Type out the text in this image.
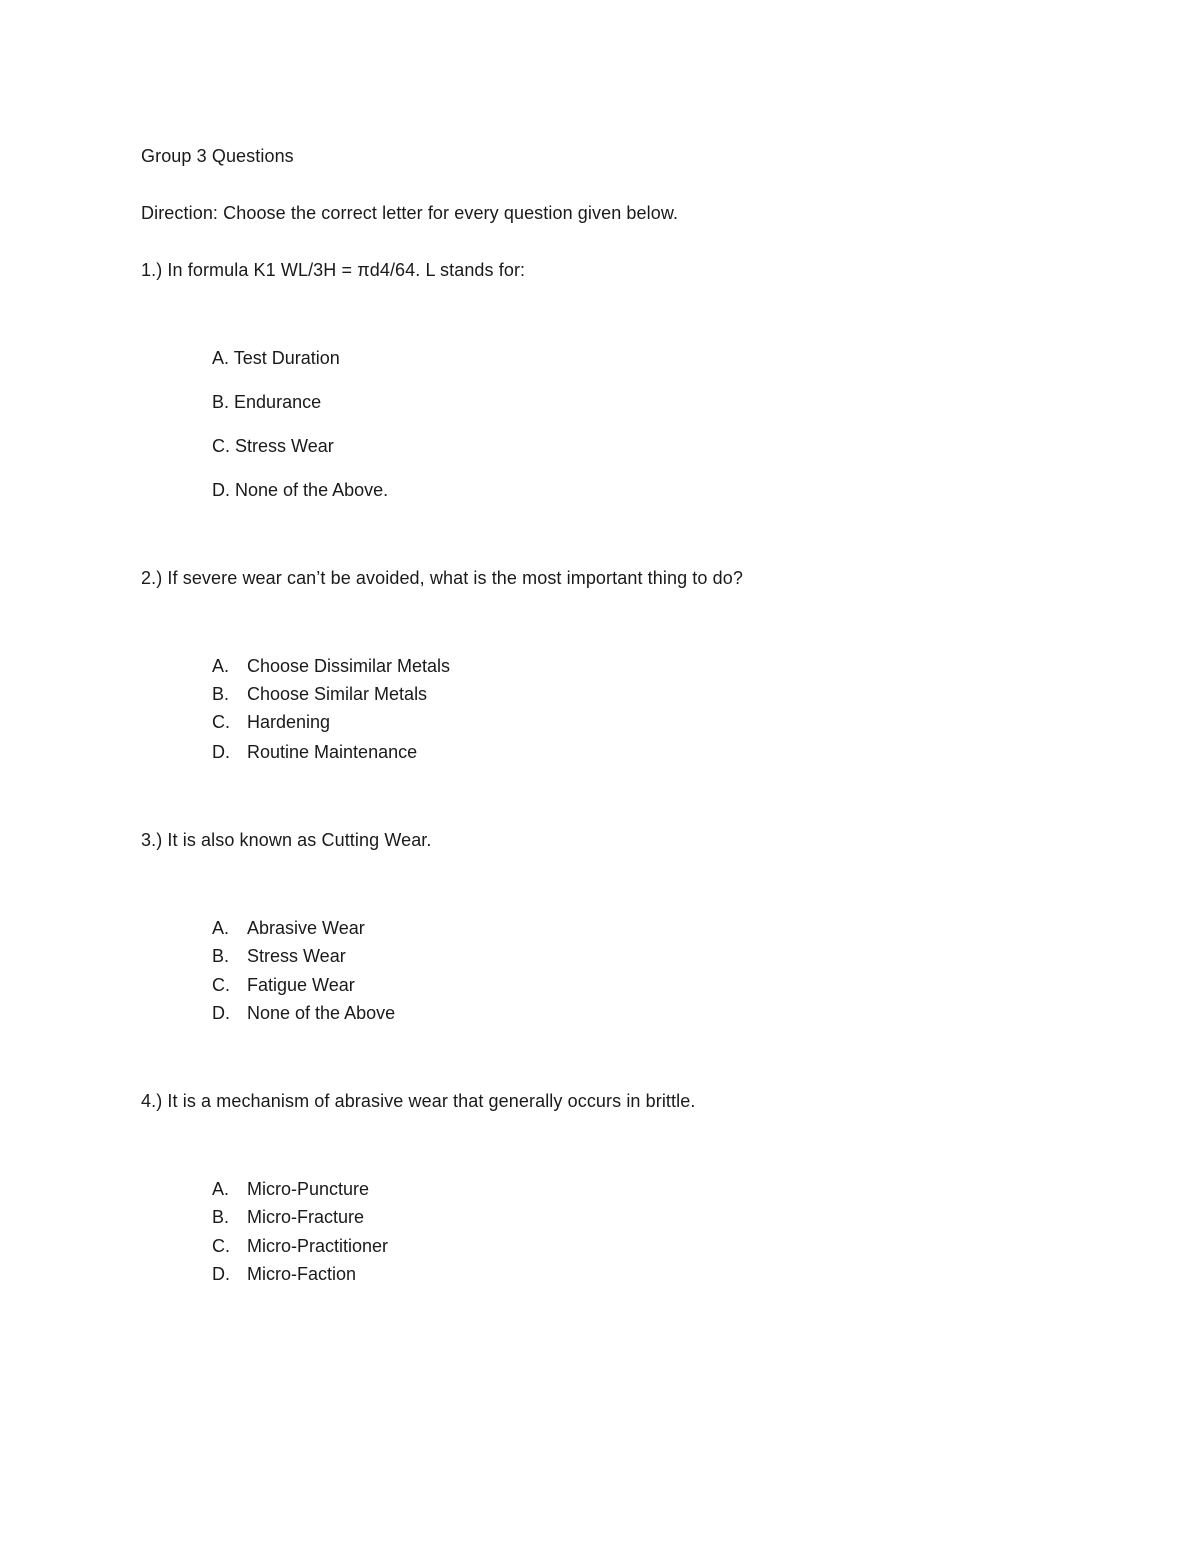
Group 3 Questions
Direction: Choose the correct letter for every question given below.
1.) In formula K1 WL/3H = πd4/64. L stands for:
A. Test Duration
B. Endurance
C. Stress Wear
D. None of the Above.
2.) If severe wear can’t be avoided, what is the most important thing to do?
A. Choose Dissimilar Metals
B. Choose Similar Metals
C. Hardening
D. Routine Maintenance
3.) It is also known as Cutting Wear.
A. Abrasive Wear
B. Stress Wear
C. Fatigue Wear
D. None of the Above
4.) It is a mechanism of abrasive wear that generally occurs in brittle.
A. Micro-Puncture
B. Micro-Fracture
C. Micro-Practitioner
D. Micro-Faction
